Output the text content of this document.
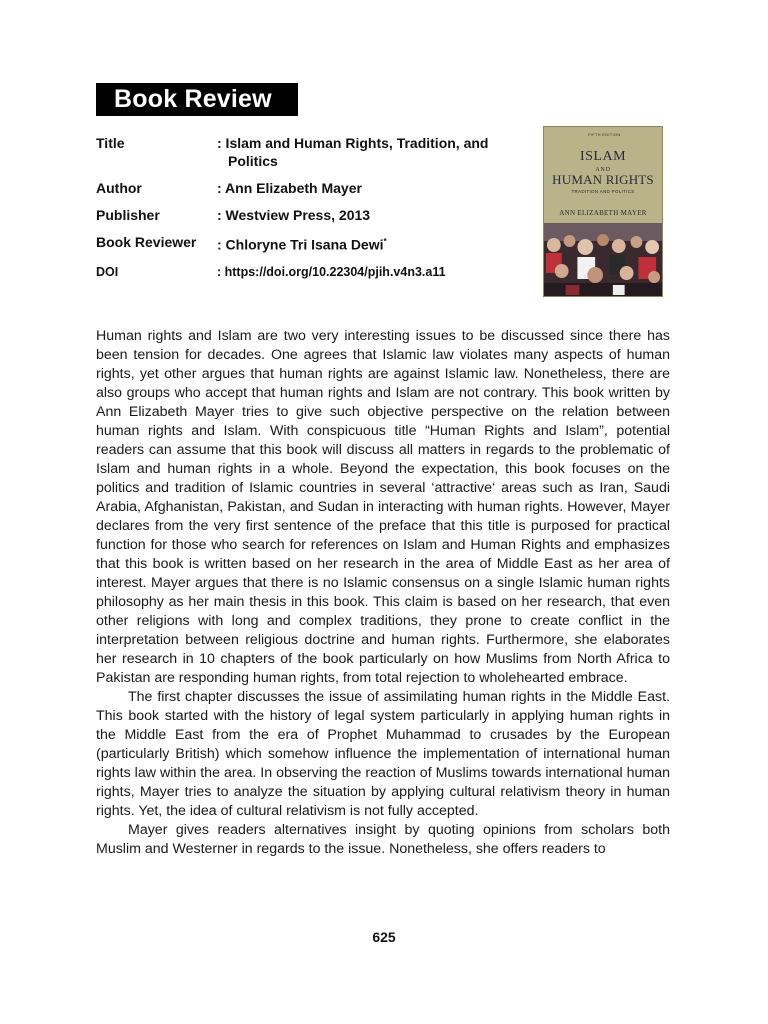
Book Review
Title	: Islam and Human Rights, Tradition, and
Politics
Author	: Ann Elizabeth Mayer
Publisher	: Westview Press, 2013
Book Reviewer	: Chloryne Tri Isana Dewi*
DOI	: https://doi.org/10.22304/pjih.v4n3.a11
FIFTH EDITION
ISLAM
AND
HUMAN RIGHTS
TRADITION AND POLITICS
ANN ELIZABETH MAYER

Human rights and Islam are two very interesting issues to be discussed since there has been tension for decades. One agrees that Islamic law violates many aspects of human rights, yet other argues that human rights are against Islamic law. Nonetheless, there are also groups who accept that human rights and Islam are not contrary. This book written by Ann Elizabeth Mayer tries to give such objective perspective on the relation between human rights and Islam. With conspicuous title “Human Rights and Islam”, potential readers can assume that this book will discuss all matters in regards to the problematic of Islam and human rights in a whole. Beyond the expectation, this book focuses on the politics and tradition of Islamic countries in several ‘attractive‘ areas such as Iran, Saudi Arabia, Afghanistan, Pakistan, and Sudan in interacting with human rights. However, Mayer declares from the very first sentence of the preface that this title is purposed for practical function for those who search for references on Islam and Human Rights and emphasizes that this book is written based on her research in the area of Middle East as her area of interest. Mayer argues that there is no Islamic consensus on a single Islamic human rights philosophy as her main thesis in this book. This claim is based on her research, that even other religions with long and complex traditions, they prone to create conflict in the interpretation between religious doctrine and human rights. Furthermore, she elaborates her research in 10 chapters of the book particularly on how Muslims from North Africa to Pakistan are responding human rights, from total rejection to wholehearted embrace.

The first chapter discusses the issue of assimilating human rights in the Middle East. This book started with the history of legal system particularly in applying human rights in the Middle East from the era of Prophet Muhammad to crusades by the European (particularly British) which somehow influence the implementation of international human rights law within the area. In observing the reaction of Muslims towards international human rights, Mayer tries to analyze the situation by applying cultural relativism theory in human rights. Yet, the idea of cultural relativism is not fully accepted.

Mayer gives readers alternatives insight by quoting opinions from scholars both Muslim and Westerner in regards to the issue. Nonetheless, she offers readers to

625
